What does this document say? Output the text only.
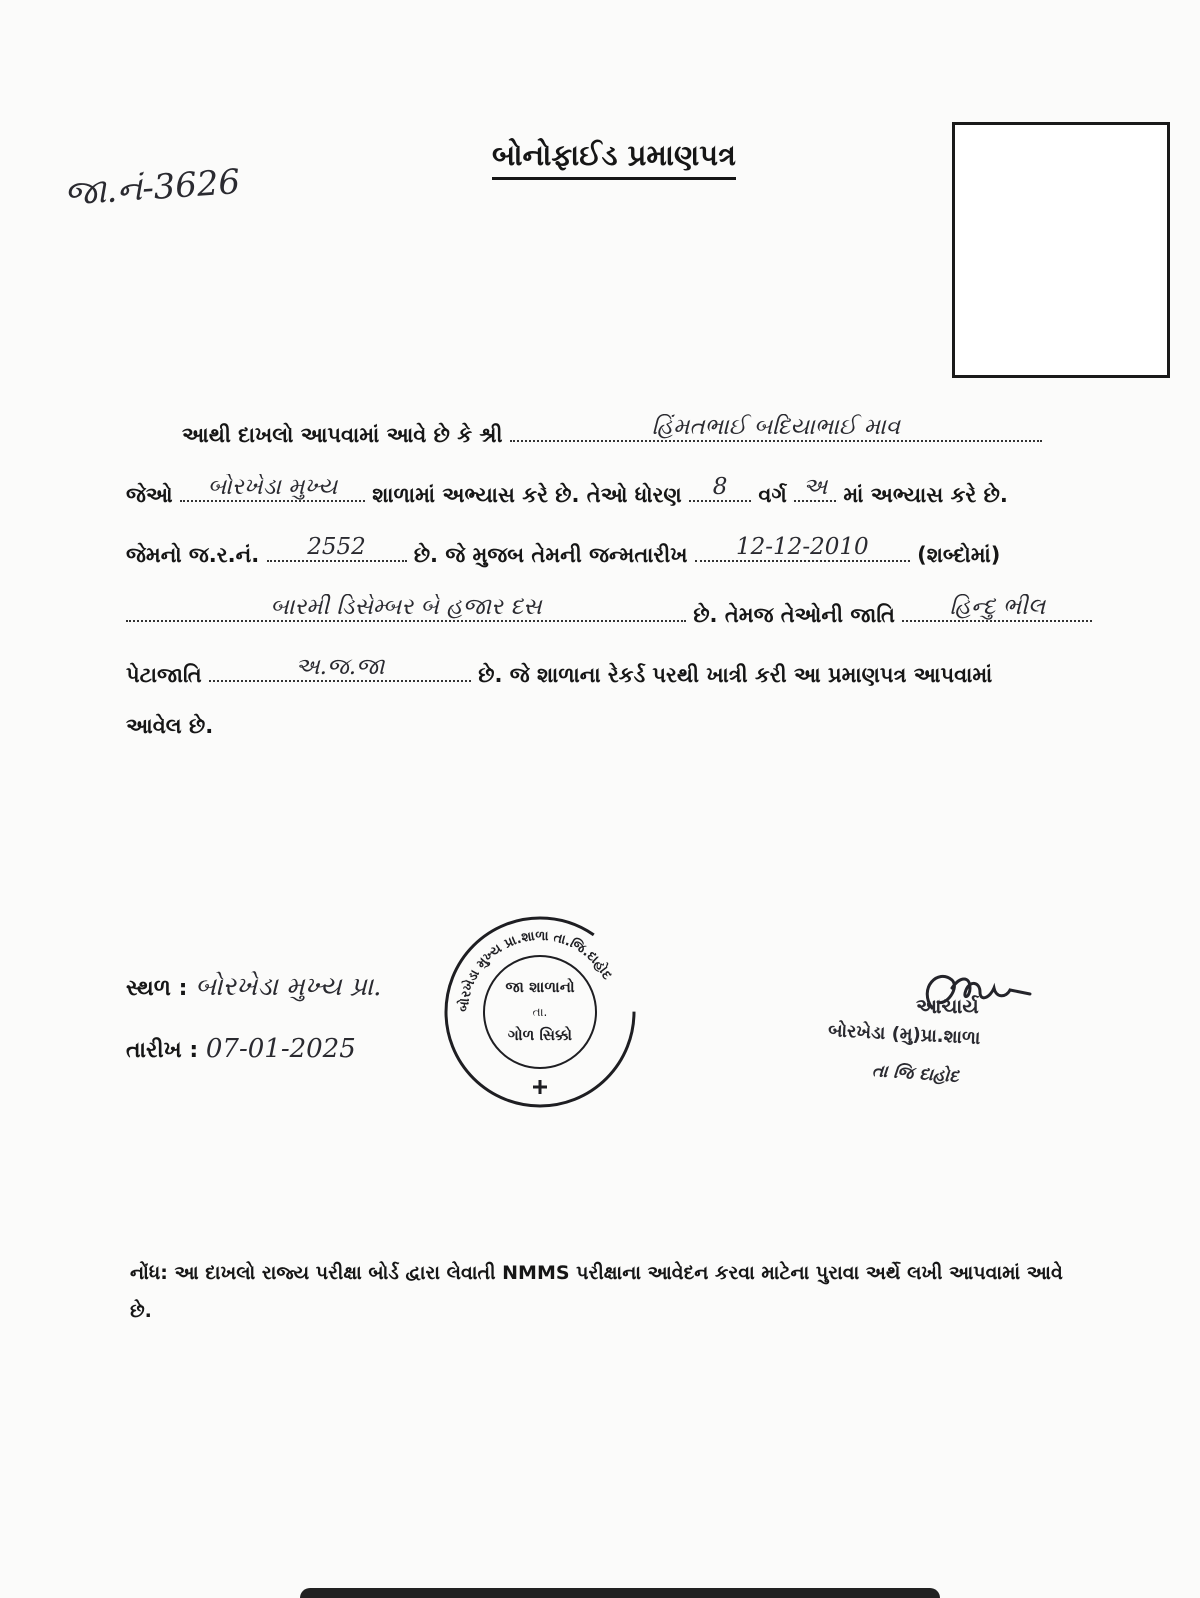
જા.નં-3626
બોનોફાઈડ પ્રમાણપત્ર
આથી દાખલો આપવામાં આવે છે કે શ્રી	હિંમતભાઈ બદિયાભાઈ માવ
જેઓ બોરખેડા મુખ્ય શાળામાં અભ્યાસ કરે છે. તેઓ ધોરણ 8 વર્ગ અ માં અભ્યાસ કરે છે.
જેમનો જ.ર.નં. 2552 છે. જે મુજબ તેમની જન્મતારીખ 12-12-2010 (શબ્દોમાં)
બારમી ડિસેમ્બર બે હજાર દસ	છે. તેમજ તેઓની જાતિ હિન્દુ ભીલ
પેટાજાતિ	અ.જ.જા	છે. જે શાળાના રેકર્ડ પરથી ખાત્રી કરી આ પ્રમાણપત્ર આપવામાં
આવેલ છે.
સ્થળ : બોરખેડા મુખ્ય પ્રા.
તારીખ : 07-01-2025
બોરખેડા મુખ્ય પ્રા.શાળા તા.જિ.દાહોદ
જા શાળાનો
તા.
ગોળ સિક્કો
આચાર્ય
બોરખેડા (મુ)પ્રા.શાળા
તા જિ દાહોદ
નોંધ: આ દાખલો રાજ્ય પરીક્ષા બોર્ડ દ્વારા લેવાતી NMMS પરીક્ષાના આવેદન કરવા માટેના પુરાવા અર્થે લખી આપવામાં આવે છે.
